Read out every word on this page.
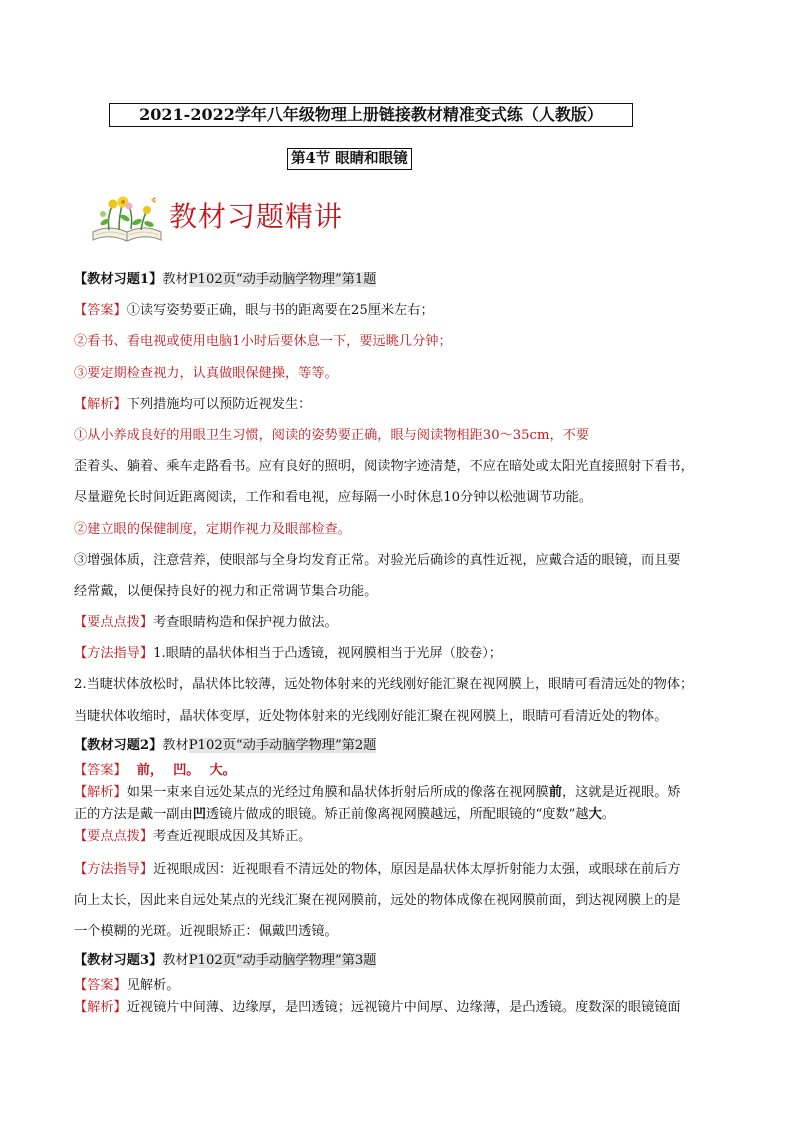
2021-2022学年八年级物理上册链接教材精准变式练（人教版）
第4节 眼睛和眼镜
教材习题精讲
【教材习题1】教材P102页“动手动脑学物理”第1题
【答案】①读写姿势要正确，眼与书的距离要在25厘米左右；
②看书、看电视或使用电脑1小时后要休息一下，要远眺几分钟；
③要定期检查视力，认真做眼保健操，等等。
【解析】下列措施均可以预防近视发生：
①从小养成良好的用眼卫生习惯，阅读的姿势要正确，眼与阅读物相距30～35cm，不要
歪着头、躺着、乘车走路看书。应有良好的照明，阅读物字迹清楚，不应在暗处或太阳光直接照射下看书，
尽量避免长时间近距离阅读，工作和看电视，应每隔一小时休息10分钟以松弛调节功能。
②建立眼的保健制度，定期作视力及眼部检查。
③增强体质，注意营养，使眼部与全身均发育正常。对验光后确诊的真性近视，应戴合适的眼镜，而且要
经常戴，以便保持良好的视力和正常调节集合功能。
【要点点拨】考查眼睛构造和保护视力做法。
【方法指导】1.眼睛的晶状体相当于凸透镜，视网膜相当于光屏（胶卷）；
2.当睫状体放松时，晶状体比较薄，远处物体射来的光线刚好能汇聚在视网膜上，眼睛可看清远处的物体；
当睫状体收缩时，晶状体变厚，近处物体射来的光线刚好能汇聚在视网膜上，眼睛可看清近处的物体。
【教材习题2】教材P102页“动手动脑学物理”第2题
【答案】 前， 凹。 大。
【解析】如果一束来自远处某点的光经过角膜和晶状体折射后所成的像落在视网膜前，这就是近视眼。矫
正的方法是戴一副由凹透镜片做成的眼镜。矫正前像离视网膜越远，所配眼镜的“度数”越大。
【要点点拨】考查近视眼成因及其矫正。
【方法指导】近视眼成因：近视眼看不清远处的物体，原因是晶状体太厚折射能力太强，或眼球在前后方
向上太长，因此来自远处某点的光线汇聚在视网膜前，远处的物体成像在视网膜前面，到达视网膜上的是
一个模糊的光斑。近视眼矫正：佩戴凹透镜。
【教材习题3】教材P102页“动手动脑学物理”第3题
【答案】见解析。
【解析】近视镜片中间薄、边缘厚，是凹透镜；远视镜片中间厚、边缘薄，是凸透镜。度数深的眼镜镜面
